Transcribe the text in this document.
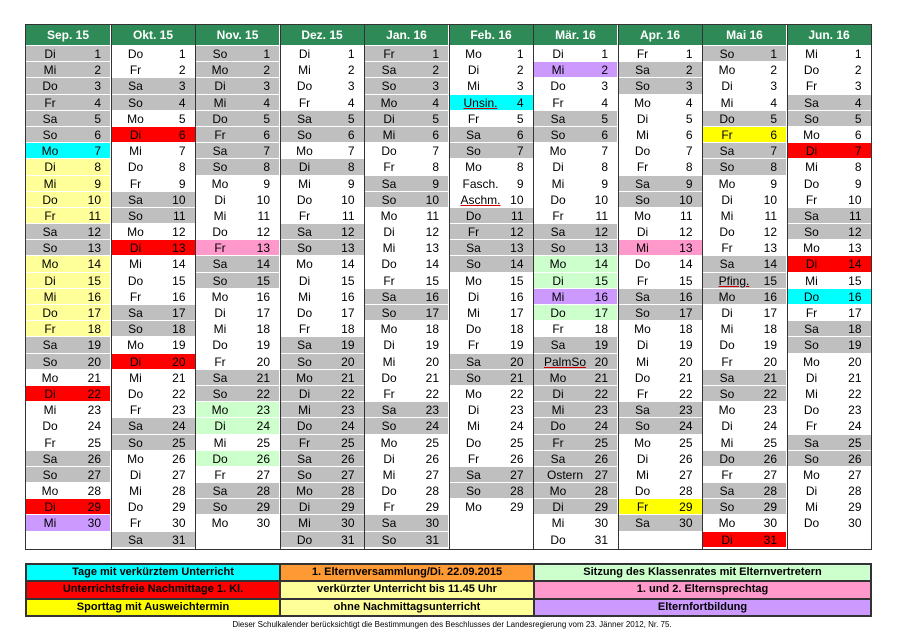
Sep. 15
Di	1
Mi	2
Do	3
Fr	4
Sa	5
So	6
Mo	7
Di	8
Mi	9
Do	10
Fr	11
Sa	12
So	13
Mo	14
Di	15
Mi	16
Do	17
Fr	18
Sa	19
So	20
Mo	21
Di	22
Mi	23
Do	24
Fr	25
Sa	26
So	27
Mo	28
Di	29
Mi	30
Okt. 15
Do	1
Fr	2
Sa	3
So	4
Mo	5
Di	6
Mi	7
Do	8
Fr	9
Sa	10
So	11
Mo	12
Di	13
Mi	14
Do	15
Fr	16
Sa	17
So	18
Mo	19
Di	20
Mi	21
Do	22
Fr	23
Sa	24
So	25
Mo	26
Di	27
Mi	28
Do	29
Fr	30
Sa	31
Nov. 15
So	1
Mo	2
Di	3
Mi	4
Do	5
Fr	6
Sa	7
So	8
Mo	9
Di	10
Mi	11
Do	12
Fr	13
Sa	14
So	15
Mo	16
Di	17
Mi	18
Do	19
Fr	20
Sa	21
So	22
Mo	23
Di	24
Mi	25
Do	26
Fr	27
Sa	28
So	29
Mo	30
Dez. 15
Di	1
Mi	2
Do	3
Fr	4
Sa	5
So	6
Mo	7
Di	8
Mi	9
Do	10
Fr	11
Sa	12
So	13
Mo	14
Di	15
Mi	16
Do	17
Fr	18
Sa	19
So	20
Mo	21
Di	22
Mi	23
Do	24
Fr	25
Sa	26
So	27
Mo	28
Di	29
Mi	30
Do	31
Jan. 16
Fr	1
Sa	2
So	3
Mo	4
Di	5
Mi	6
Do	7
Fr	8
Sa	9
So	10
Mo	11
Di	12
Mi	13
Do	14
Fr	15
Sa	16
So	17
Mo	18
Di	19
Mi	20
Do	21
Fr	22
Sa	23
So	24
Mo	25
Di	26
Mi	27
Do	28
Fr	29
Sa	30
So	31
Feb. 16
Mo	1
Di	2
Mi	3
Unsin.	4
Fr	5
Sa	6
So	7
Mo	8
Fasch.	9
Aschm. 10
Do	11
Fr	12
Sa	13
So	14
Mo	15
Di	16
Mi	17
Do	18
Fr	19
Sa	20
So	21
Mo	22
Di	23
Mi	24
Do	25
Fr	26
Sa	27
So	28
Mo	29
Mär. 16
Di	1
Mi	2
Do	3
Fr	4
Sa	5
So	6
Mo	7
Di	8
Mi	9
Do	10
Fr	11
Sa	12
So	13
Mo	14
Di	15
Mi	16
Do	17
Fr	18
Sa	19
PalmSo 20
Mo	21
Di	22
Mi	23
Do	24
Fr	25
Sa	26
Ostern 27
Mo	28
Di	29
Mi	30
Do	31
Apr. 16
Fr	1
Sa	2
So	3
Mo	4
Di	5
Mi	6
Do	7
Fr	8
Sa	9
So	10
Mo	11
Di	12
Mi	13
Do	14
Fr	15
Sa	16
So	17
Mo	18
Di	19
Mi	20
Do	21
Fr	22
Sa	23
So	24
Mo	25
Di	26
Mi	27
Do	28
Fr	29
Sa	30
Mai 16
So	1
Mo	2
Di	3
Mi	4
Do	5
Fr	6
Sa	7
So	8
Mo	9
Di	10
Mi	11
Do	12
Fr	13
Sa	14
Pfing.	15
Mo	16
Di	17
Mi	18
Do	19
Fr	20
Sa	21
So	22
Mo	23
Di	24
Mi	25
Do	26
Fr	27
Sa	28
So	29
Mo	30
Di	31
Jun. 16
Mi	1
Do	2
Fr	3
Sa	4
So	5
Mo	6
Di	7
Mi	8
Do	9
Fr	10
Sa	11
So	12
Mo	13
Di	14
Mi	15
Do	16
Fr	17
Sa	18
So	19
Mo	20
Di	21
Mi	22
Do	23
Fr	24
Sa	25
So	26
Mo	27
Di	28
Mi	29
Do	30
Tage mit verkürztem Unterricht	1. Elternversammlung/Di. 22.09.2015	Sitzung des Klassenrates mit Elternvertretern
Unterrichtsfreie Nachmittage 1. Kl.	verkürzter Unterricht bis 11.45 Uhr	1. und 2. Elternsprechtag
Sporttag mit Ausweichtermin	ohne Nachmittagsunterricht	Elternfortbildung
Dieser Schulkalender berücksichtigt die Bestimmungen des Beschlusses der Landesregierung vom 23. Jänner 2012, Nr. 75.
